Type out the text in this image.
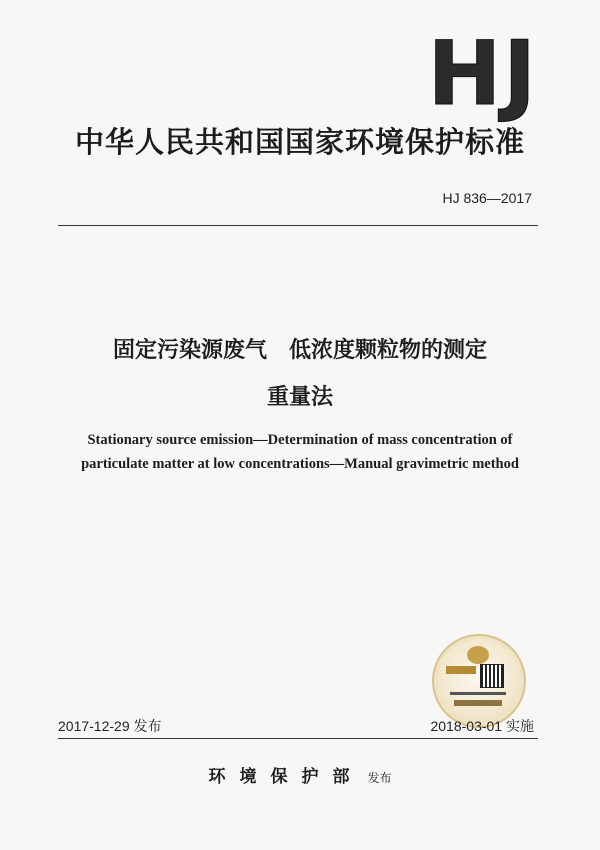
HJ
中华人民共和国国家环境保护标准
HJ 836—2017
固定污染源废气　低浓度颗粒物的测定
重量法
Stationary source emission—Determination of mass concentration of
particulate matter at low concentrations—Manual gravimetric method
2017-12-29 发布	2018-03-01 实施
环境保护部 发布
